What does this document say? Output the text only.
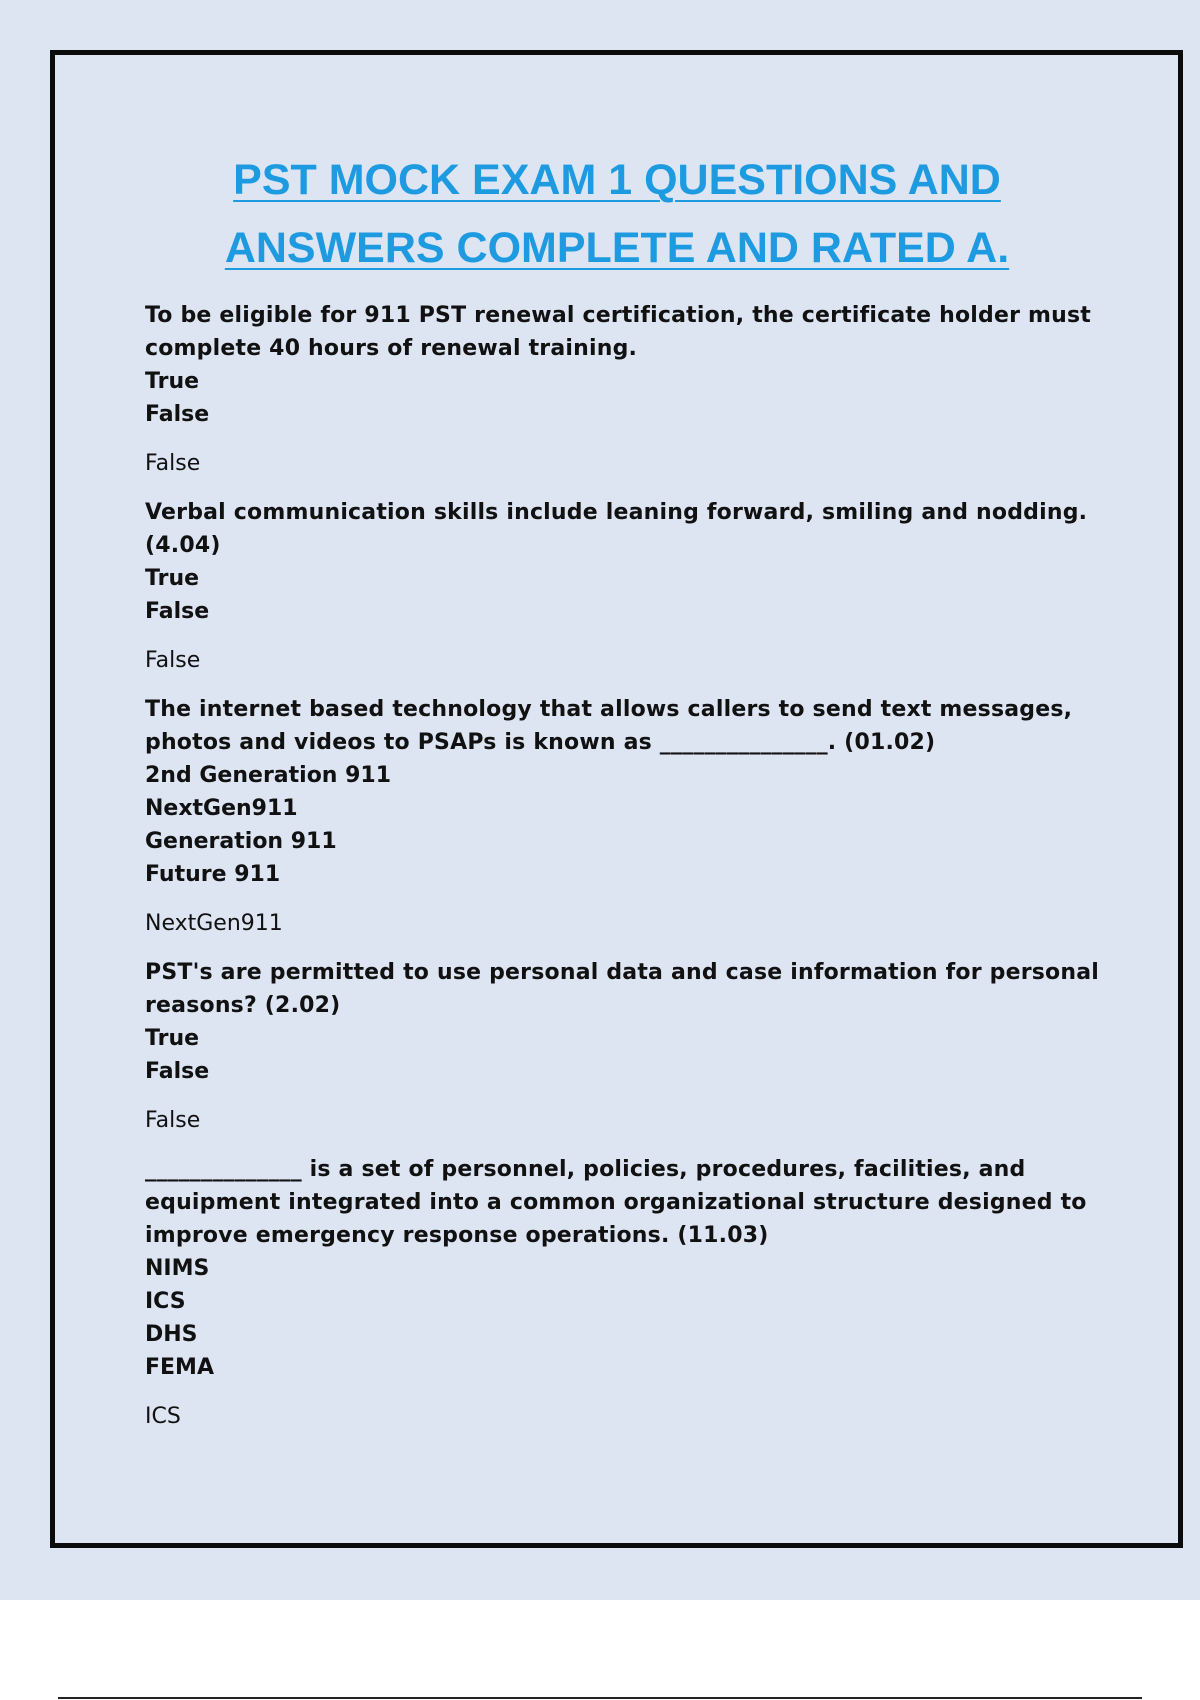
PST MOCK EXAM 1 QUESTIONS AND
ANSWERS COMPLETE AND RATED A.

To be eligible for 911 PST renewal certification, the certificate holder must complete 40 hours of renewal training.

True

False

False

Verbal communication skills include leaning forward, smiling and nodding. (4.04)

True

False

False

The internet based technology that allows callers to send text messages, photos and videos to PSAPs is known as _______________. (01.02)

2nd Generation 911

NextGen911

Generation 911

Future 911

NextGen911

PST's are permitted to use personal data and case information for personal reasons? (2.02)

True

False

False

______________ is a set of personnel, policies, procedures, facilities, and equipment integrated into a common organizational structure designed to improve emergency response operations. (11.03)

NIMS

ICS

DHS

FEMA

ICS
